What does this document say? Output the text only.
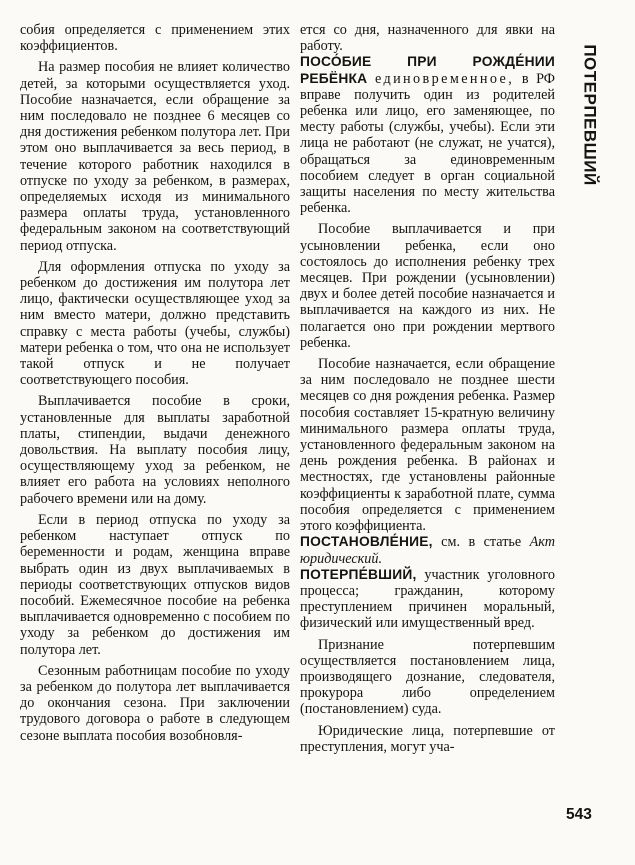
собия определяется с применением этих коэффициентов.

На размер пособия не влияет количество детей, за которыми осуществляется уход. Пособие назначается, если обращение за ним последовало не позднее 6 месяцев со дня достижения ребенком полутора лет. При этом оно выплачивается за весь период, в течение которого работник находился в отпуске по уходу за ребенком, в размерах, определяемых исходя из минимального размера оплаты труда, установленного федеральным законом на соответствующий период отпуска.

Для оформления отпуска по уходу за ребенком до достижения им полутора лет лицо, фактически осуществляющее уход за ним вместо матери, должно представить справку с места работы (учебы, службы) матери ребенка о том, что она не использует такой отпуск и не получает соответствующего пособия.

Выплачивается пособие в сроки, установленные для выплаты заработной платы, стипендии, выдачи денежного довольствия. На выплату пособия лицу, осуществляющему уход за ребенком, не влияет его работа на условиях неполного рабочего времени или на дому.

Если в период отпуска по уходу за ребенком наступает отпуск по беременности и родам, женщина вправе выбрать один из двух выплачиваемых в периоды соответствующих отпусков видов пособий. Ежемесячное пособие на ребенка выплачивается одновременно с пособием по уходу за ребенком до достижения им полутора лет.

Сезонным работницам пособие по уходу за ребенком до полутора лет выплачивается до окончания сезона. При заключении трудового договора о работе в следующем сезоне выплата пособия возобновля-

ется со дня, назначенного для явки на работу.

ПОСО́БИЕ ПРИ РОЖДЕ́НИИ РЕБЁНКА единовременное, в РФ вправе получить один из родителей ребенка или лицо, его заменяющее, по месту работы (службы, учебы). Если эти лица не работают (не служат, не учатся), обращаться за единовременным пособием следует в орган социальной защиты населения по месту жительства ребенка.

Пособие выплачивается и при усыновлении ребенка, если оно состоялось до исполнения ребенку трех месяцев. При рождении (усыновлении) двух и более детей пособие назначается и выплачивается на каждого из них. Не полагается оно при рождении мертвого ребенка.

Пособие назначается, если обращение за ним последовало не позднее шести месяцев со дня рождения ребенка. Размер пособия составляет 15-кратную величину минимального размера оплаты труда, установленного федеральным законом на день рождения ребенка. В районах и местностях, где установлены районные коэффициенты к заработной плате, сумма пособия определяется с применением этого коэффициента.

ПОСТАНОВЛЕ́НИЕ, см. в статье Акт юридический.

ПОТЕРПЕ́ВШИЙ, участник уголовного процесса; гражданин, которому преступлением причинен моральный, физический или имущественный вред.

Признание потерпевшим осуществляется постановлением лица, производящего дознание, следователя, прокурора либо определением (постановлением) суда.

Юридические лица, потерпевшие от преступления, могут уча-

ПОТЕРПЕВШИЙ
543
